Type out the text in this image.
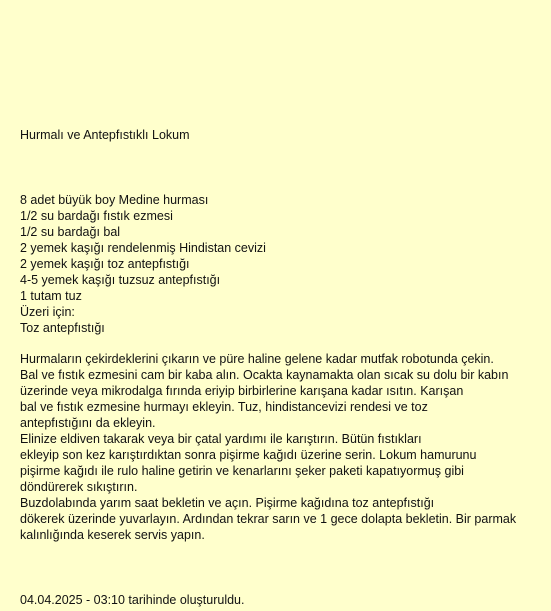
Hurmalı ve Antepfıstıklı Lokum
8 adet büyük boy Medine hurması
1/2 su bardağı fıstık ezmesi
1/2 su bardağı bal
2 yemek kaşığı rendelenmiş Hindistan cevizi
2 yemek kaşığı toz antepfıstığı
4-5 yemek kaşığı tuzsuz antepfıstığı
1 tutam tuz
Üzeri için:
Toz antepfıstığı
Hurmaların çekirdeklerini çıkarın ve püre haline gelene kadar mutfak robotunda çekin.
Bal ve fıstık ezmesini cam bir kaba alın. Ocakta kaynamakta olan sıcak su dolu bir kabın
üzerinde veya mikrodalga fırında eriyip birbirlerine karışana kadar ısıtın. Karışan
bal ve fıstık ezmesine hurmayı ekleyin. Tuz, hindistancevizi rendesi ve toz
antepfıstığını da ekleyin.
Elinize eldiven takarak veya bir çatal yardımı ile karıştırın. Bütün fıstıkları
ekleyip son kez karıştırdıktan sonra pişirme kağıdı üzerine serin. Lokum hamurunu
pişirme kağıdı ile rulo haline getirin ve kenarlarını şeker paketi kapatıyormuş gibi
döndürerek sıkıştırın.
Buzdolabında yarım saat bekletin ve açın. Pişirme kağıdına toz antepfıstığı
dökerek üzerinde yuvarlayın. Ardından tekrar sarın ve 1 gece dolapta bekletin. Bir parmak
kalınlığında keserek servis yapın.
04.04.2025 - 03:10 tarihinde oluşturuldu.
